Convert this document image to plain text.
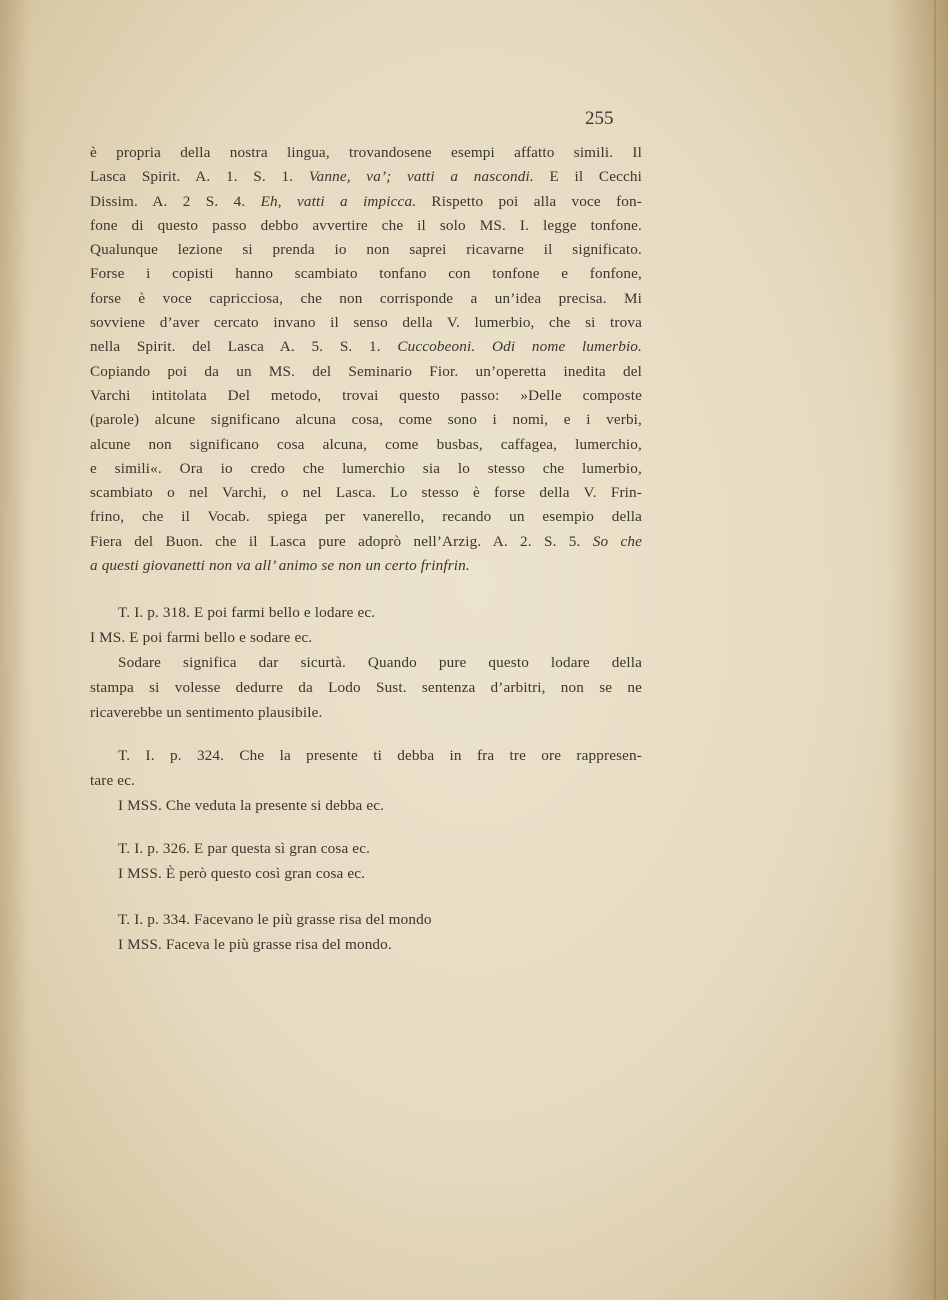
255

è propria della nostra lingua, trovandosene esempi affatto simili. Il

Lasca Spirit. A. 1. S. 1. Vanne, va’; vatti a nascondi. E il Cecchi

Dissim. A. 2 S. 4. Eh, vatti a impicca. Rispetto poi alla voce fon-

fone di questo passo debbo avvertire che il solo MS. I. legge tonfone.

Qualunque lezione si prenda io non saprei ricavarne il significato.

Forse i copisti hanno scambiato tonfano con tonfone e fonfone,

forse è voce capricciosa, che non corrisponde a un’idea precisa. Mi

sovviene d’aver cercato invano il senso della V. lumerbio, che si trova

nella Spirit. del Lasca A. 5. S. 1. Cuccobeoni. Odi nome lumerbio.

Copiando poi da un MS. del Seminario Fior. un’operetta inedita del

Varchi intitolata Del metodo, trovai questo passo: »Delle composte

(parole) alcune significano alcuna cosa, come sono i nomi, e i verbi,

alcune non significano cosa alcuna, come busbas, caffagea, lumerchio,

e simili«. Ora io credo che lumerchio sia lo stesso che lumerbio,

scambiato o nel Varchi, o nel Lasca. Lo stesso è forse della V. Frin-

frino, che il Vocab. spiega per vanerello, recando un esempio della

Fiera del Buon. che il Lasca pure adoprò nell’Arzig. A. 2. S. 5. So che

a questi giovanetti non va all’ animo se non un certo frinfrin.

T. I. p. 318. E poi farmi bello e lodare ec.

I MS. E poi farmi bello e sodare ec.

Sodare significa dar sicurtà. Quando pure questo lodare della

stampa si volesse dedurre da Lodo Sust. sentenza d’arbitri, non se ne

ricaverebbe un sentimento plausibile.

T. I. p. 324. Che la presente ti debba in fra tre ore rappresen-

tare ec.

I MSS. Che veduta la presente si debba ec.

T. I. p. 326. E par questa sì gran cosa ec.

I MSS. È però questo così gran cosa ec.

T. I. p. 334. Facevano le più grasse risa del mondo

I MSS. Faceva le più grasse risa del mondo.
